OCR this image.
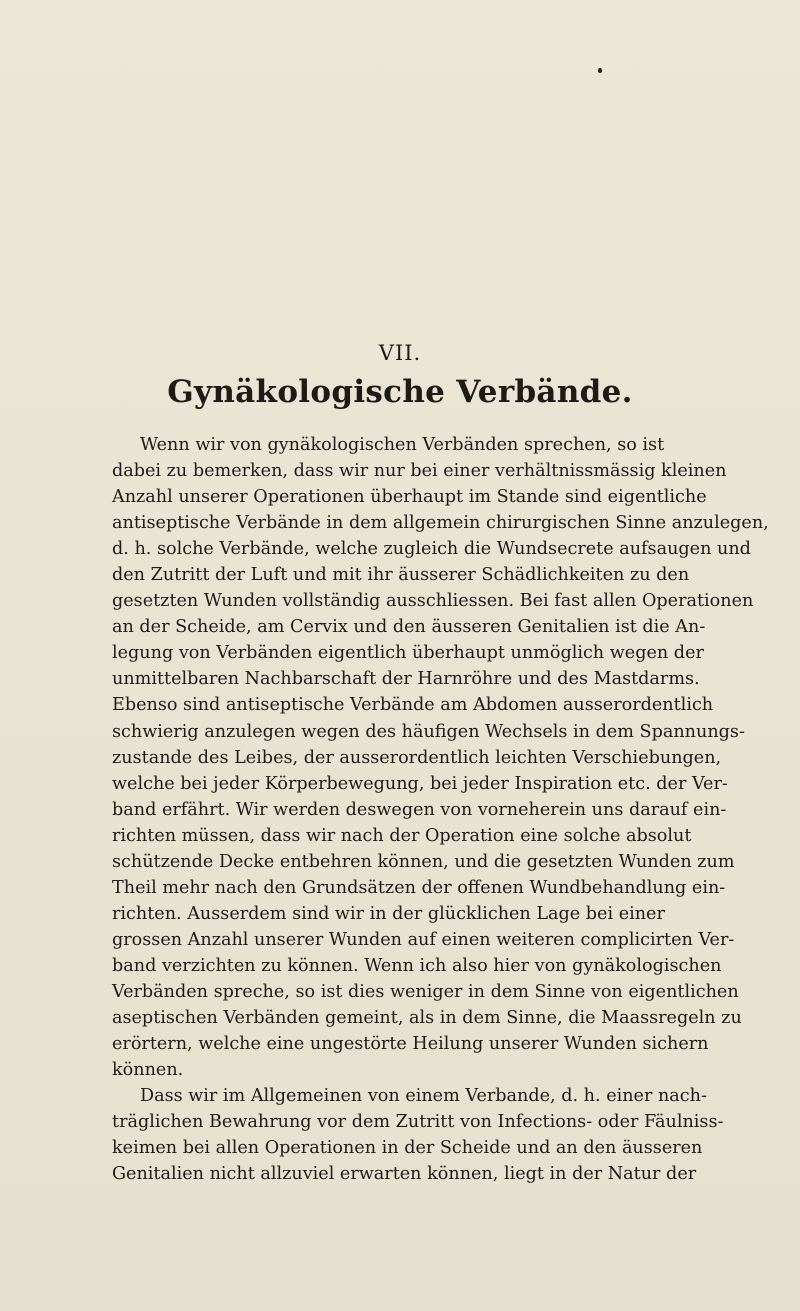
VII.
Gynäkologische Verbände.
Wenn wir von gynäkologischen Verbänden sprechen, so ist
dabei zu bemerken, dass wir nur bei einer verhältnissmässig kleinen
Anzahl unserer Operationen überhaupt im Stande sind eigentliche
antiseptische Verbände in dem allgemein chirurgischen Sinne anzulegen,
d. h. solche Verbände, welche zugleich die Wundsecrete aufsaugen und
den Zutritt der Luft und mit ihr äusserer Schädlichkeiten zu den
gesetzten Wunden vollständig ausschliessen. Bei fast allen Operationen
an der Scheide, am Cervix und den äusseren Genitalien ist die An-
legung von Verbänden eigentlich überhaupt unmöglich wegen der
unmittelbaren Nachbarschaft der Harnröhre und des Mastdarms.
Ebenso sind antiseptische Verbände am Abdomen ausserordentlich
schwierig anzulegen wegen des häufigen Wechsels in dem Spannungs-
zustande des Leibes, der ausserordentlich leichten Verschiebungen,
welche bei jeder Körperbewegung, bei jeder Inspiration etc. der Ver-
band erfährt. Wir werden deswegen von vorneherein uns darauf ein-
richten müssen, dass wir nach der Operation eine solche absolut
schützende Decke entbehren können, und die gesetzten Wunden zum
Theil mehr nach den Grundsätzen der offenen Wundbehandlung ein-
richten. Ausserdem sind wir in der glücklichen Lage bei einer
grossen Anzahl unserer Wunden auf einen weiteren complicirten Ver-
band verzichten zu können. Wenn ich also hier von gynäkologischen
Verbänden spreche, so ist dies weniger in dem Sinne von eigentlichen
aseptischen Verbänden gemeint, als in dem Sinne, die Maassregeln zu
erörtern, welche eine ungestörte Heilung unserer Wunden sichern
können.
Dass wir im Allgemeinen von einem Verbande, d. h. einer nach-
träglichen Bewahrung vor dem Zutritt von Infections- oder Fäulniss-
keimen bei allen Operationen in der Scheide und an den äusseren
Genitalien nicht allzuviel erwarten können, liegt in der Natur der
